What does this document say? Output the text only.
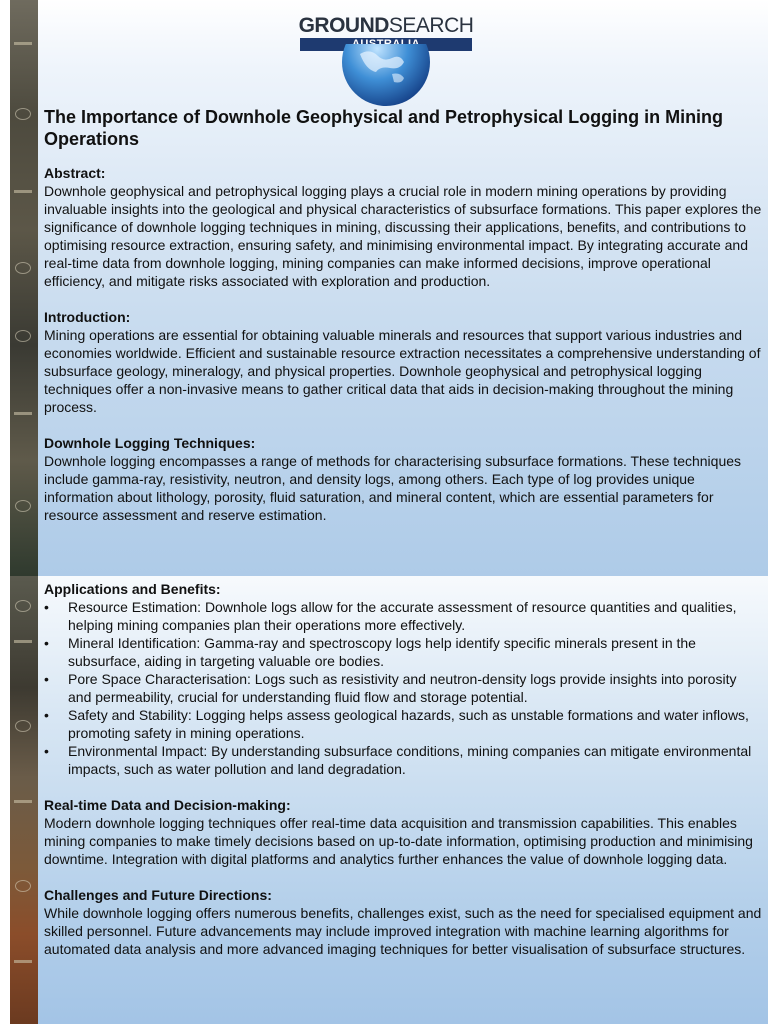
GROUNDSEARCH
The Importance of Downhole Geophysical and Petrophysical Logging in Mining Operations
Abstract:

Downhole geophysical and petrophysical logging plays a crucial role in modern mining operations by providing invaluable insights into the geological and physical characteristics of subsurface formations. This paper explores the significance of downhole logging techniques in mining, discussing their applications, benefits, and contributions to optimising resource extraction, ensuring safety, and minimising environmental impact. By integrating accurate and real-time data from downhole logging, mining companies can make informed decisions, improve operational efficiency, and mitigate risks associated with exploration and production.

Introduction:

Mining operations are essential for obtaining valuable minerals and resources that support various industries and economies worldwide. Efficient and sustainable resource extraction necessitates a comprehensive understanding of subsurface geology, mineralogy, and physical properties. Downhole geophysical and petrophysical logging techniques offer a non-invasive means to gather critical data that aids in decision-making throughout the mining process.

Downhole Logging Techniques:

Downhole logging encompasses a range of methods for characterising subsurface formations. These techniques include gamma-ray, resistivity, neutron, and density logs, among others. Each type of log provides unique information about lithology, porosity, fluid saturation, and mineral content, which are essential parameters for resource assessment and reserve estimation.

Applications and Benefits:
• Resource Estimation: Downhole logs allow for the accurate assessment of resource quantities and qualities, helping mining companies plan their operations more effectively.
• Mineral Identification: Gamma-ray and spectroscopy logs help identify specific minerals present in the subsurface, aiding in targeting valuable ore bodies.
• Pore Space Characterisation: Logs such as resistivity and neutron-density logs provide insights into porosity and permeability, crucial for understanding fluid flow and storage potential.
• Safety and Stability: Logging helps assess geological hazards, such as unstable formations and water inflows, promoting safety in mining operations.
• Environmental Impact: By understanding subsurface conditions, mining companies can mitigate environmental impacts, such as water pollution and land degradation.
Real-time Data and Decision-making:

Modern downhole logging techniques offer real-time data acquisition and transmission capabilities. This enables mining companies to make timely decisions based on up-to-date information, optimising production and minimising downtime. Integration with digital platforms and analytics further enhances the value of downhole logging data.

Challenges and Future Directions:

While downhole logging offers numerous benefits, challenges exist, such as the need for specialised equipment and skilled personnel. Future advancements may include improved integration with machine learning algorithms for automated data analysis and more advanced imaging techniques for better visualisation of subsurface structures.
